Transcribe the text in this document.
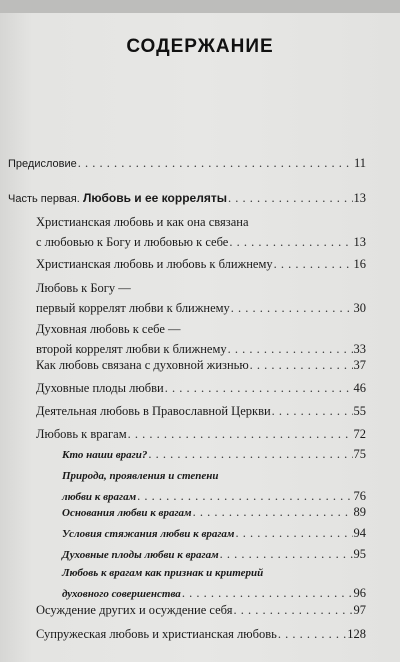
СОДЕРЖАНИЕ
Предисловие . . .	11
Часть первая.
Любовь и ее корреляты . . .	13
Христианская любовь и как она связана
с любовью к Богу и любовью к себе . . .	13
Христианская любовь и любовь к ближнему . . .	16
Любовь к Богу —
первый коррелят любви к ближнему . . .	30
Духовная любовь к себе —
второй коррелят любви к ближнему . . .	33
Как любовь связана с духовной жизнью . . .	37
Духовные плоды любви . . .	46
Деятельная любовь в Православной Церкви . . .	55
Любовь к врагам . . .	72
Кто наши враги? . . .	75
Природа, проявления и степени
любви к врагам . . .	76
Основания любви к врагам . . .	89
Условия стяжания любви к врагам . . .	94
Духовные плоды любви к врагам . . .	95
Любовь к врагам как признак и критерий
духовного совершенства . . .	96
Осуждение других и осуждение себя . . .	97
Супружеская любовь и христианская любовь . . .	128
